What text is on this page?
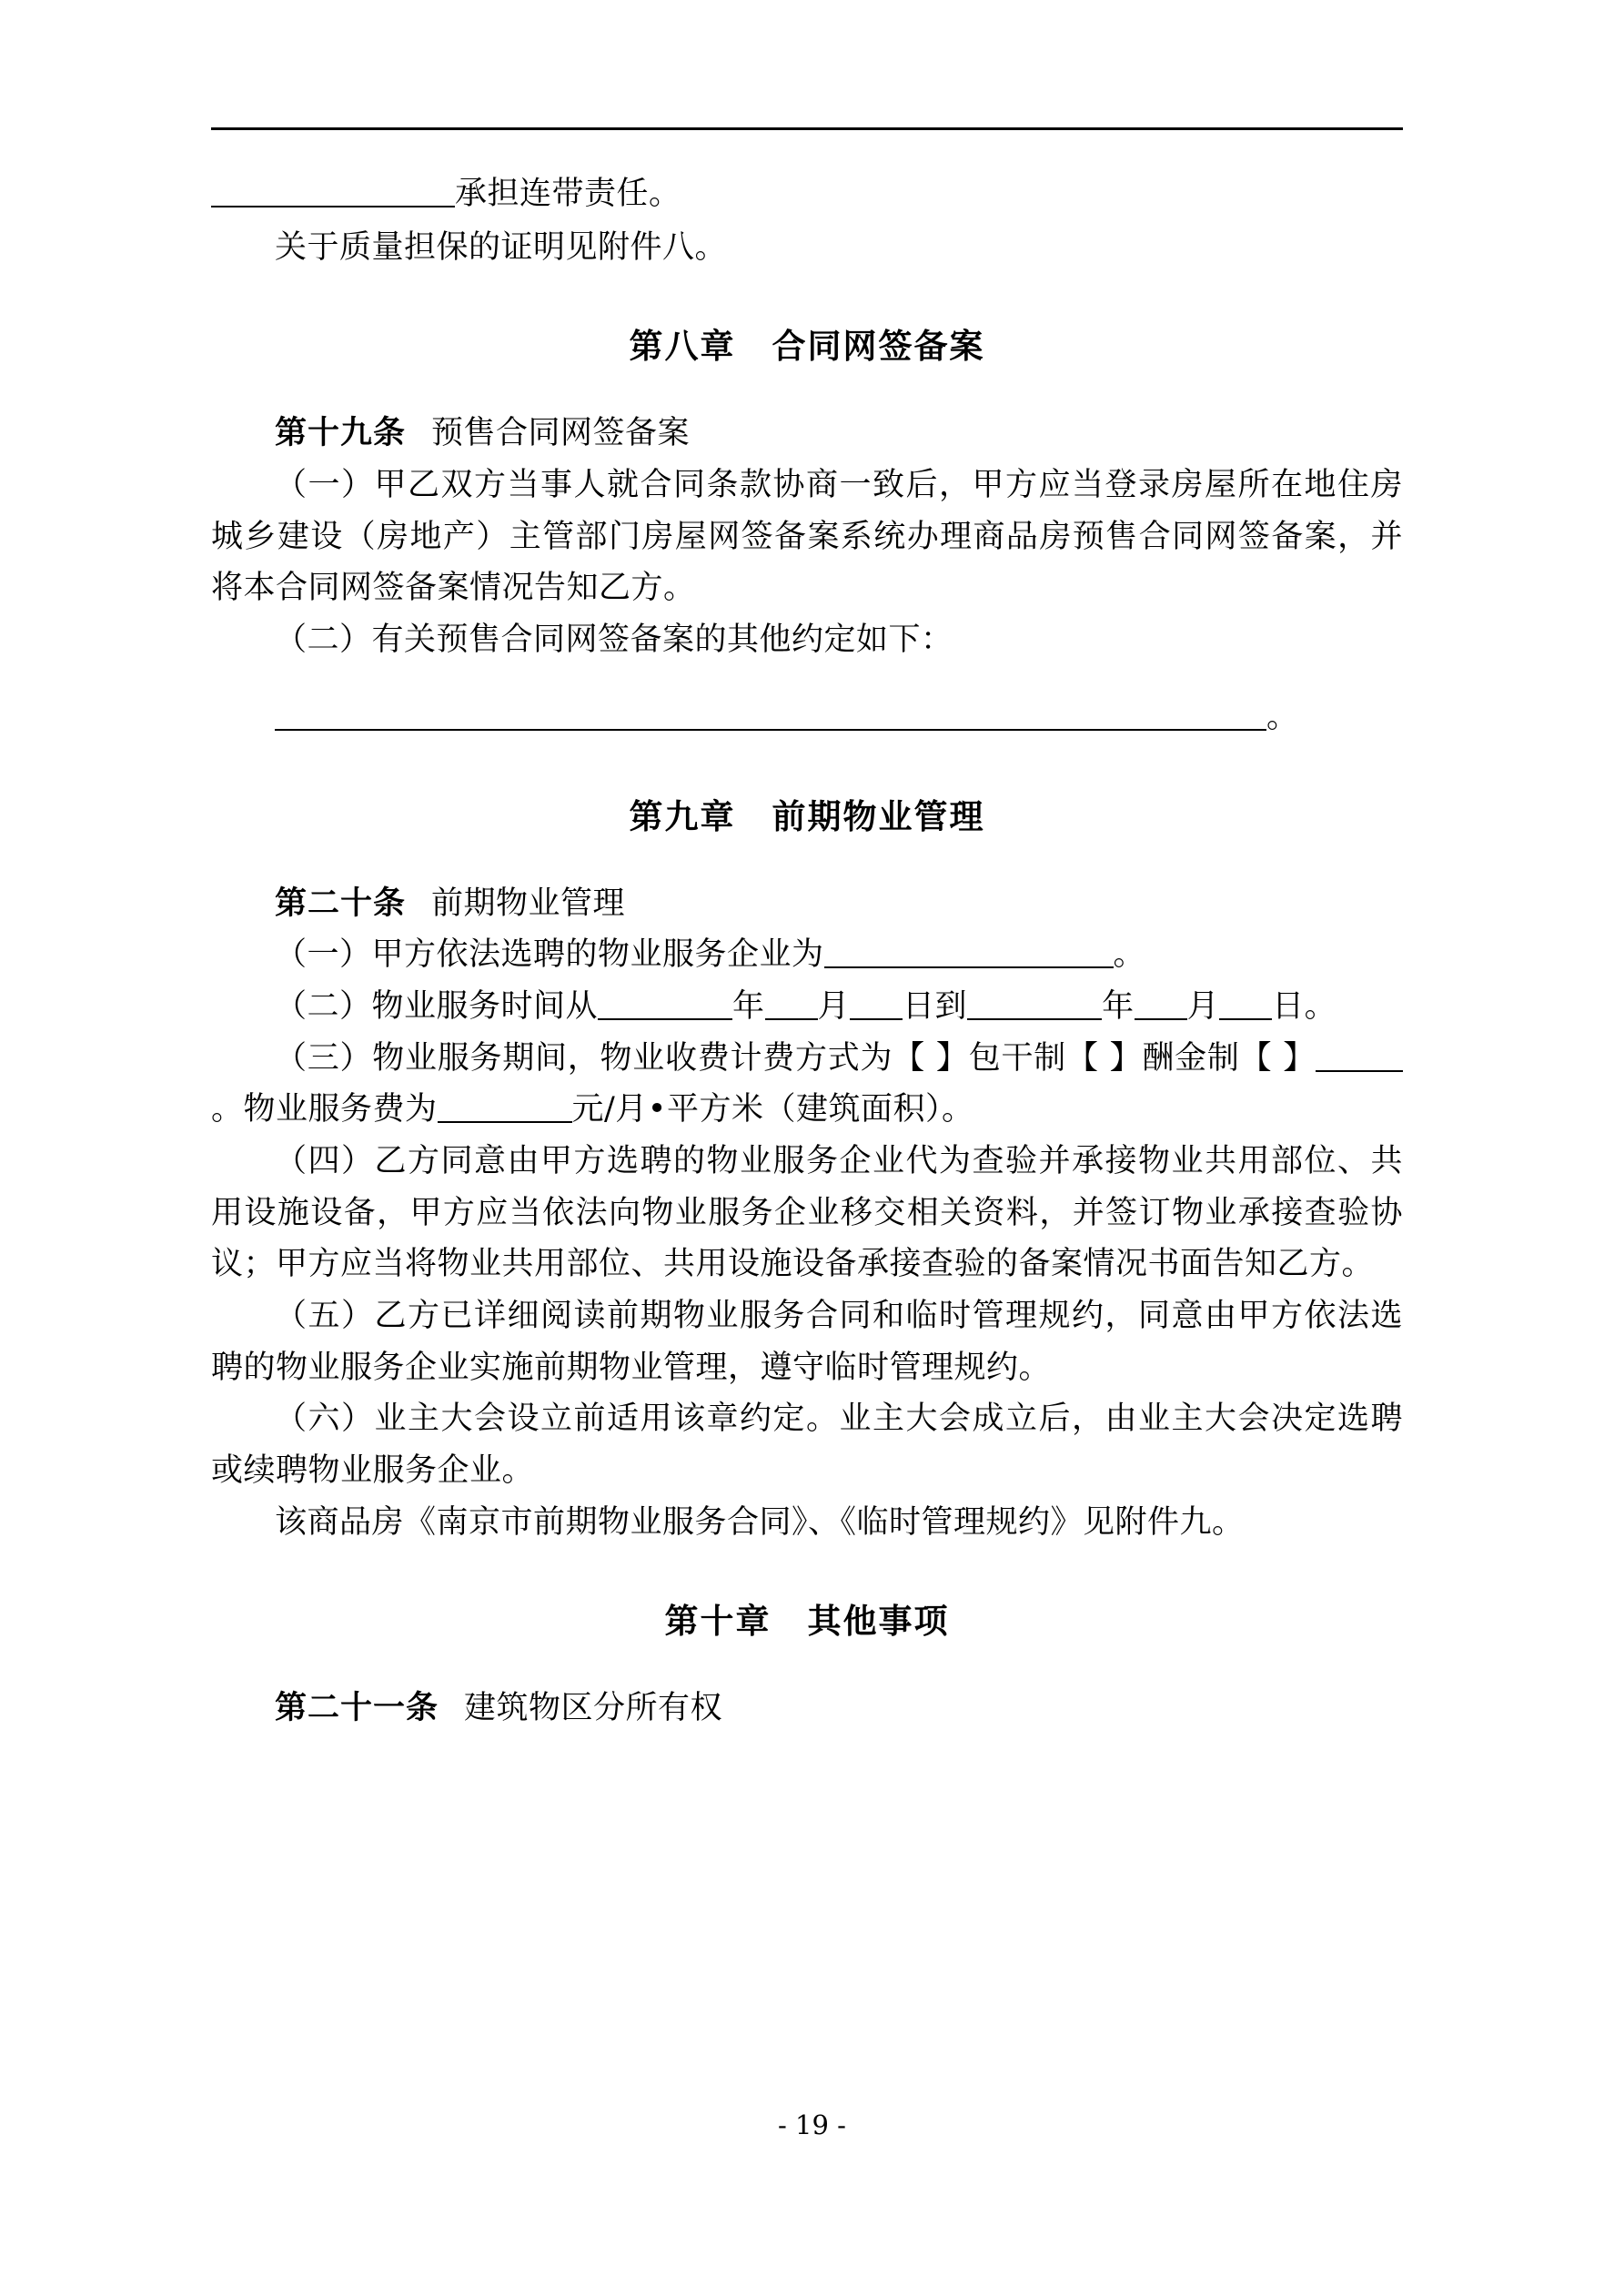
承担连带责任。

关于质量担保的证明见附件八。

第八章 合同网签备案

第十九条 预售合同网签备案

（一）甲乙双方当事人就合同条款协商一致后，甲方应当登录房屋所在地住房城乡建设（房地产）主管部门房屋网签备案系统办理商品房预售合同网签备案，并将本合同网签备案情况告知乙方。

（二）有关预售合同网签备案的其他约定如下：

。

第九章 前期物业管理

第二十条 前期物业管理

（一）甲方依法选聘的物业服务企业为	。

（二）物业服务时间从	年 月 日到	年 月 日。

（三）物业服务期间，物业收费计费方式为【 】包干制【 】酬金制【 】。物业服务费为	元/月•平方米（建筑面积）。

（四）乙方同意由甲方选聘的物业服务企业代为查验并承接物业共用部位、共用设施设备，甲方应当依法向物业服务企业移交相关资料，并签订物业承接查验协议；甲方应当将物业共用部位、共用设施设备承接查验的备案情况书面告知乙方。

（五）乙方已详细阅读前期物业服务合同和临时管理规约，同意由甲方依法选聘的物业服务企业实施前期物业管理，遵守临时管理规约。

（六）业主大会设立前适用该章约定。业主大会成立后，由业主大会决定选聘或续聘物业服务企业。

该商品房《南京市前期物业服务合同》、《临时管理规约》见附件九。

第十章 其他事项

第二十一条 建筑物区分所有权

- 19 -
